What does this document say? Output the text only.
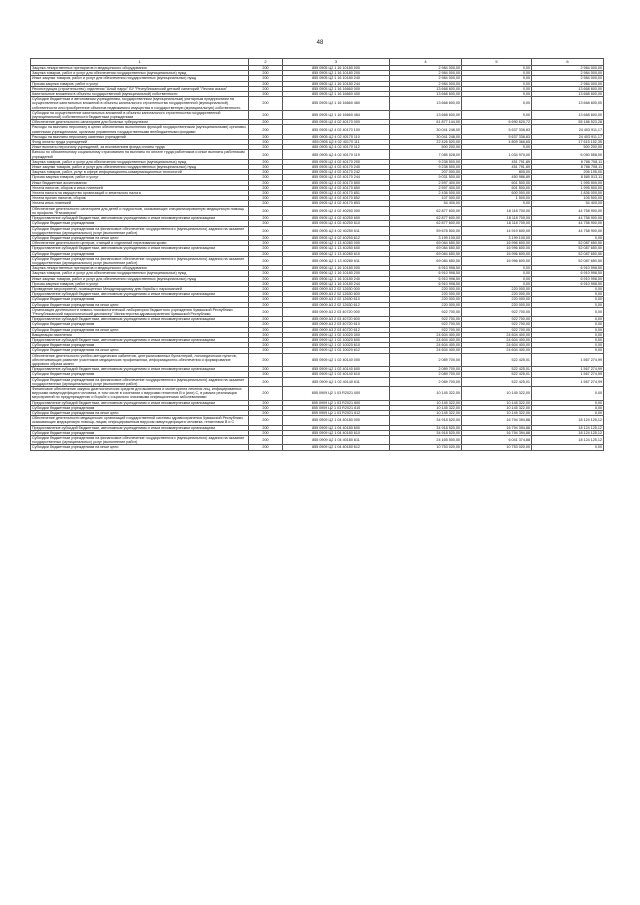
48
1	2	3	4	5	6
Закупка лекарственных препаратов и медицинского оборудования	200	855 0905 Ц2 1 16 10180 000	2 984 000,00	0,00	2 984 000,00
Закупка товаров, работ и услуг для обеспечения государственных (муниципальных) нужд	200	855 0905 Ц2 1 16 10180 200	2 984 000,00	0,00	2 984 000,00
Иные закупки товаров, работ и услуг для обеспечения государственных (муниципальных) нужд	200	855 0905 Ц2 1 16 10180 240	2 984 000,00	0,00	2 984 000,00
Прочая закупка товаров, работ и услуг	200	855 0905 Ц2 1 16 10180 244	2 984 000,00	0,00	2 984 000,00
Реконструкция (строительство) отделения "Алый парус" БУ "Республиканский детский санаторий "Лесная сказка"	200	855 0905 Ц2 1 16 16660 000	13 668 600,00	0,00	13 668 600,00
Капитальные вложения в объекты государственной (муниципальной) собственности	200	855 0905 Ц2 1 16 16660 400	13 668 600,00	0,00	13 668 600,00
Субсидии бюджетным и автономным учреждениям, государственным (муниципальным) унитарным предприятиям на осуществление капитальных вложений в объекты капитального строительства государственной (муниципальной) собственности или приобретение объектов недвижимого имущества в государственную (муниципальную) собственность	200	855 0905 Ц2 1 16 16660 460	13 668 600,00	0,00	13 668 600,00
Субсидии на осуществление капитальных вложений в объекты капитального строительства государственной (муниципальной) собственности бюджетным учреждениям	200	855 0905 Ц2 1 16 16660 464	13 668 600,00	0,00	13 668 600,00
Обеспечение деятельности санаториев для больных туберкулезом	200	855 0905 Ц2 4 02 40170 000	61 877 144,00	6 690 620,72	55 186 523,28
Расходы на выплаты персоналу в целях обеспечения выполнения функций государственными (муниципальными) органами, казенными учреждениями, органами управления государственными внебюджетными фондами	200	855 0905 Ц2 4 02 40170 100	30 041 248,00	5 637 336,83	24 403 911,17
Расходы на выплаты персоналу казенных учреждений	200	855 0905 Ц2 4 02 40170 110	30 041 248,00	5 637 336,83	24 403 911,17
Фонд оплаты труда учреждений	200	855 0905 Ц2 4 02 40170 111	22 426 520,00	4 809 366,65	17 615 152,35
Иные выплаты персоналу учреждений, за исключением фонда оплаты труда	200	855 0905 Ц2 4 02 40170 112	500 200,00	0,00	500 200,00
Взносы по обязательному социальному страхованию на выплаты по оплате труда работников и иные выплаты работникам учреждений	200	855 0905 Ц2 4 02 40170 119	7 085 528,00	1 034 970,00	6 050 558,00
Закупка товаров, работ и услуг для обеспечения государственных (муниципальных) нужд	200	855 0905 Ц2 4 02 40170 200	9 238 500,00	451 791,89	8 786 708,11
Иные закупки товаров, работ и услуг для обеспечения государственных (муниципальных) нужд	200	855 0905 Ц2 4 02 40170 240	9 238 500,00	451 791,89	8 786 708,11
Закупка товаров, работ, услуг в сфере информационно-коммуникационных технологий	200	855 0905 Ц2 4 02 40170 242	207 000,00	805,00	206 195,00
Прочая закупка товаров, работ и услуг	200	855 0905 Ц2 4 02 40170 244	9 031 500,00	450 986,89	8 580 513,11
Иные бюджетные ассигнования	200	855 0905 Ц2 4 02 40170 800	2 597 400,00	601 500,00	1 995 900,00
Уплата налогов, сборов и иных платежей	200	855 0905 Ц2 4 02 40170 850	2 597 400,00	601 500,00	1 995 900,00
Уплата налога на имущество организаций и земельного налога	200	855 0905 Ц2 4 02 40170 851	2 436 000,00	600 000,00	1 836 000,00
Уплата прочих налогов, сборов	200	855 0905 Ц2 4 02 40170 852	107 000,00	1 500,00	105 500,00
Уплата иных платежей	200	855 0905 Ц2 4 02 40170 853	54 400,00	0,00	54 400,00
Обеспечение деятельности санаториев для детей и подростков, оказывающих специализированную медицинскую помощь по профилю "Фтизиатрия"	200	855 0905 Ц2 4 02 40250 000	62 877 600,00	18 118 700,00	44 758 900,00
Предоставление субсидий бюджетным, автономным учреждениям и иным некоммерческим организациям	200	855 0905 Ц2 4 02 40250 600	62 877 600,00	18 118 700,00	44 758 900,00
Субсидии бюджетным учреждениям	200	855 0905 Ц2 4 02 40250 610	62 877 600,00	18 118 700,00	44 758 900,00
Субсидии бюджетным учреждениям на финансовое обеспечение государственного (муниципального) задания на оказание государственных (муниципальных) услуг (выполнение работ)	200	855 0905 Ц2 4 02 40250 611	59 678 500,00	14 919 600,00	44 758 900,00
Субсидии бюджетным учреждениям на иные цели	200	855 0905 Ц2 4 02 40250 612	3 199 100,00	3 199 100,00	0,00
Обеспечение деятельности центров, станций и отделений переливания крови	200	855 0906 Ц2 1 13 40280 000	69 084 650,50	16 996 600,00	52 087 650,50
Предоставление субсидий бюджетным, автономным учреждениям и иным некоммерческим организациям	200	855 0906 Ц2 1 13 40280 600	69 084 650,50	16 996 600,00	52 087 650,50
Субсидии бюджетным учреждениям	200	855 0906 Ц2 1 13 40280 610	69 084 650,50	16 996 600,00	52 087 650,50
Субсидии бюджетным учреждениям на финансовое обеспечение государственного (муниципального) задания на оказание государственных (муниципальных) услуг (выполнение работ)	200	855 0906 Ц2 1 13 40280 611	69 084 650,50	16 996 600,00	52 087 650,50
Закупка лекарственных препаратов и медицинского оборудования	200	855 0906 Ц2 1 16 10180 000	6 910 998,50	0,00	6 910 998,50
Закупка товаров, работ и услуг для обеспечения государственных (муниципальных) нужд	200	855 0906 Ц2 1 16 10180 200	6 910 998,50	0,00	6 910 998,50
Иные закупки товаров, работ и услуг для обеспечения государственных (муниципальных) нужд	200	855 0906 Ц2 1 16 10180 240	6 910 998,50	0,00	6 910 998,50
Прочая закупка товаров, работ и услуг	200	855 0906 Ц2 1 16 10180 244	6 910 998,50	0,00	6 910 998,50
Проведение мероприятий, посвященных Международному дню борьбы с наркоманией	200	855 0909 А3 2 02 12630 000	220 000,00	220 000,00	0,00
Предоставление субсидий бюджетным, автономным учреждениям и иным некоммерческим организациям	200	855 0909 А3 2 02 12630 600	220 000,00	220 000,00	0,00
Субсидии бюджетным учреждениям	200	855 0909 А3 2 02 12630 610	220 000,00	220 000,00	0,00
Субсидии бюджетным учреждениям на иные цели	200	855 0909 А3 2 02 12630 612	220 000,00	220 000,00	0,00
Организация деятельности химико-токсикологической лаборатории бюджетного учреждения Чувашской Республики "Республиканский наркологический диспансер" Министерства здравоохранения Чувашской Республики	200	855 0909 А3 2 03 40720 000	922 700,00	922 700,00	0,00
Предоставление субсидий бюджетным, автономным учреждениям и иным некоммерческим организациям	200	855 0909 А3 2 03 40720 600	922 700,00	922 700,00	0,00
Субсидии бюджетным учреждениям	200	855 0909 А3 2 03 40720 610	922 700,00	922 700,00	0,00
Субсидии бюджетным учреждениям на иные цели	200	855 0909 А3 2 03 40720 612	922 700,00	922 700,00	0,00
Вакцинация населения	200	855 0909 Ц2 1 02 10020 000	24 604 400,00	24 604 400,00	0,00
Предоставление субсидий бюджетным, автономным учреждениям и иным некоммерческим организациям	200	855 0909 Ц2 1 02 10020 600	24 604 400,00	24 604 400,00	0,00
Субсидии бюджетным учреждениям	200	855 0909 Ц2 1 02 10020 610	24 604 400,00	24 604 400,00	0,00
Субсидии бюджетным учреждениям на иные цели	200	855 0909 Ц2 1 02 10020 612	24 604 400,00	24 604 400,00	0,00
Обеспечение деятельности учебно-методических кабинетов, централизованных бухгалтерий, логопедических пунктов, обеспечивающих развитие участников медицинских профилактики, информационно-обеспечения и формирование здорового образа жизни	200	855 0909 Ц2 1 02 40140 000	2 089 700,00	522 425,01	1 567 274,99
Предоставление субсидий бюджетным, автономным учреждениям и иным некоммерческим организациям	200	855 0909 Ц2 1 02 40140 600	2 089 700,00	522 425,01	1 567 274,99
Субсидии бюджетным учреждениям	200	855 0909 Ц2 1 02 40140 610	2 089 700,00	522 425,01	1 567 274,99
Субсидии бюджетным учреждениям на финансовое обеспечение государственного (муниципального) задания на оказание государственных (муниципальных) услуг (выполнение работ)	200	855 0909 Ц2 1 02 40140 611	2 089 700,00	522 425,01	1 567 274,99
Финансовое обеспечение закупок диагностических средств для выявления и мониторинга лечения лиц, инфицированных вирусами иммунодефицита человека, в том числе в сочетании с вирусами гепатитов B и (или) C, в рамках реализации мероприятий по предупреждению и борьбе с социально значимыми инфекционными заболеваниями	200	855 0909 Ц2 1 03 R2021 000	10 145 322,00	10 145 322,00	0,00
Предоставление субсидий бюджетным, автономным учреждениям и иным некоммерческим организациям	200	855 0909 Ц2 1 03 R2021 600	10 145 322,00	10 145 322,00	0,00
Субсидии бюджетным учреждениям	200	855 0909 Ц2 1 03 R2021 610	10 145 322,00	10 145 322,00	0,00
Субсидии бюджетным учреждениям на иные цели	200	855 0909 Ц2 1 03 R2021 612	10 145 322,00	10 145 322,00	0,00
Обеспечение деятельности медицинских организаций государственной системы здравоохранения Чувашской Республики, оказывающих медицинскую помощь лицам, инфицированным вирусом иммунодефицита человека, гепатитами B и C	200	855 0909 Ц2 1 04 40180 000	34 918 520,00	16 794 394,88	18 124 125,12
Предоставление субсидий бюджетным, автономным учреждениям и иным некоммерческим организациям	200	855 0909 Ц2 1 04 40180 600	34 918 520,00	16 794 394,88	18 124 125,12
Субсидии бюджетным учреждениям	200	855 0909 Ц2 1 04 40180 610	34 918 520,00	16 794 394,88	18 124 125,12
Субсидии бюджетным учреждениям на финансовое обеспечение государственного (муниципального) задания на оказание государственных (муниципальных) услуг (выполнение работ)	200	855 0909 Ц2 1 04 40180 611	24 165 500,00	6 041 374,88	18 124 125,12
Субсидии бюджетным учреждениям на иные цели	200	855 0909 Ц2 1 04 40180 612	10 753 020,00	10 753 020,00	0,00
